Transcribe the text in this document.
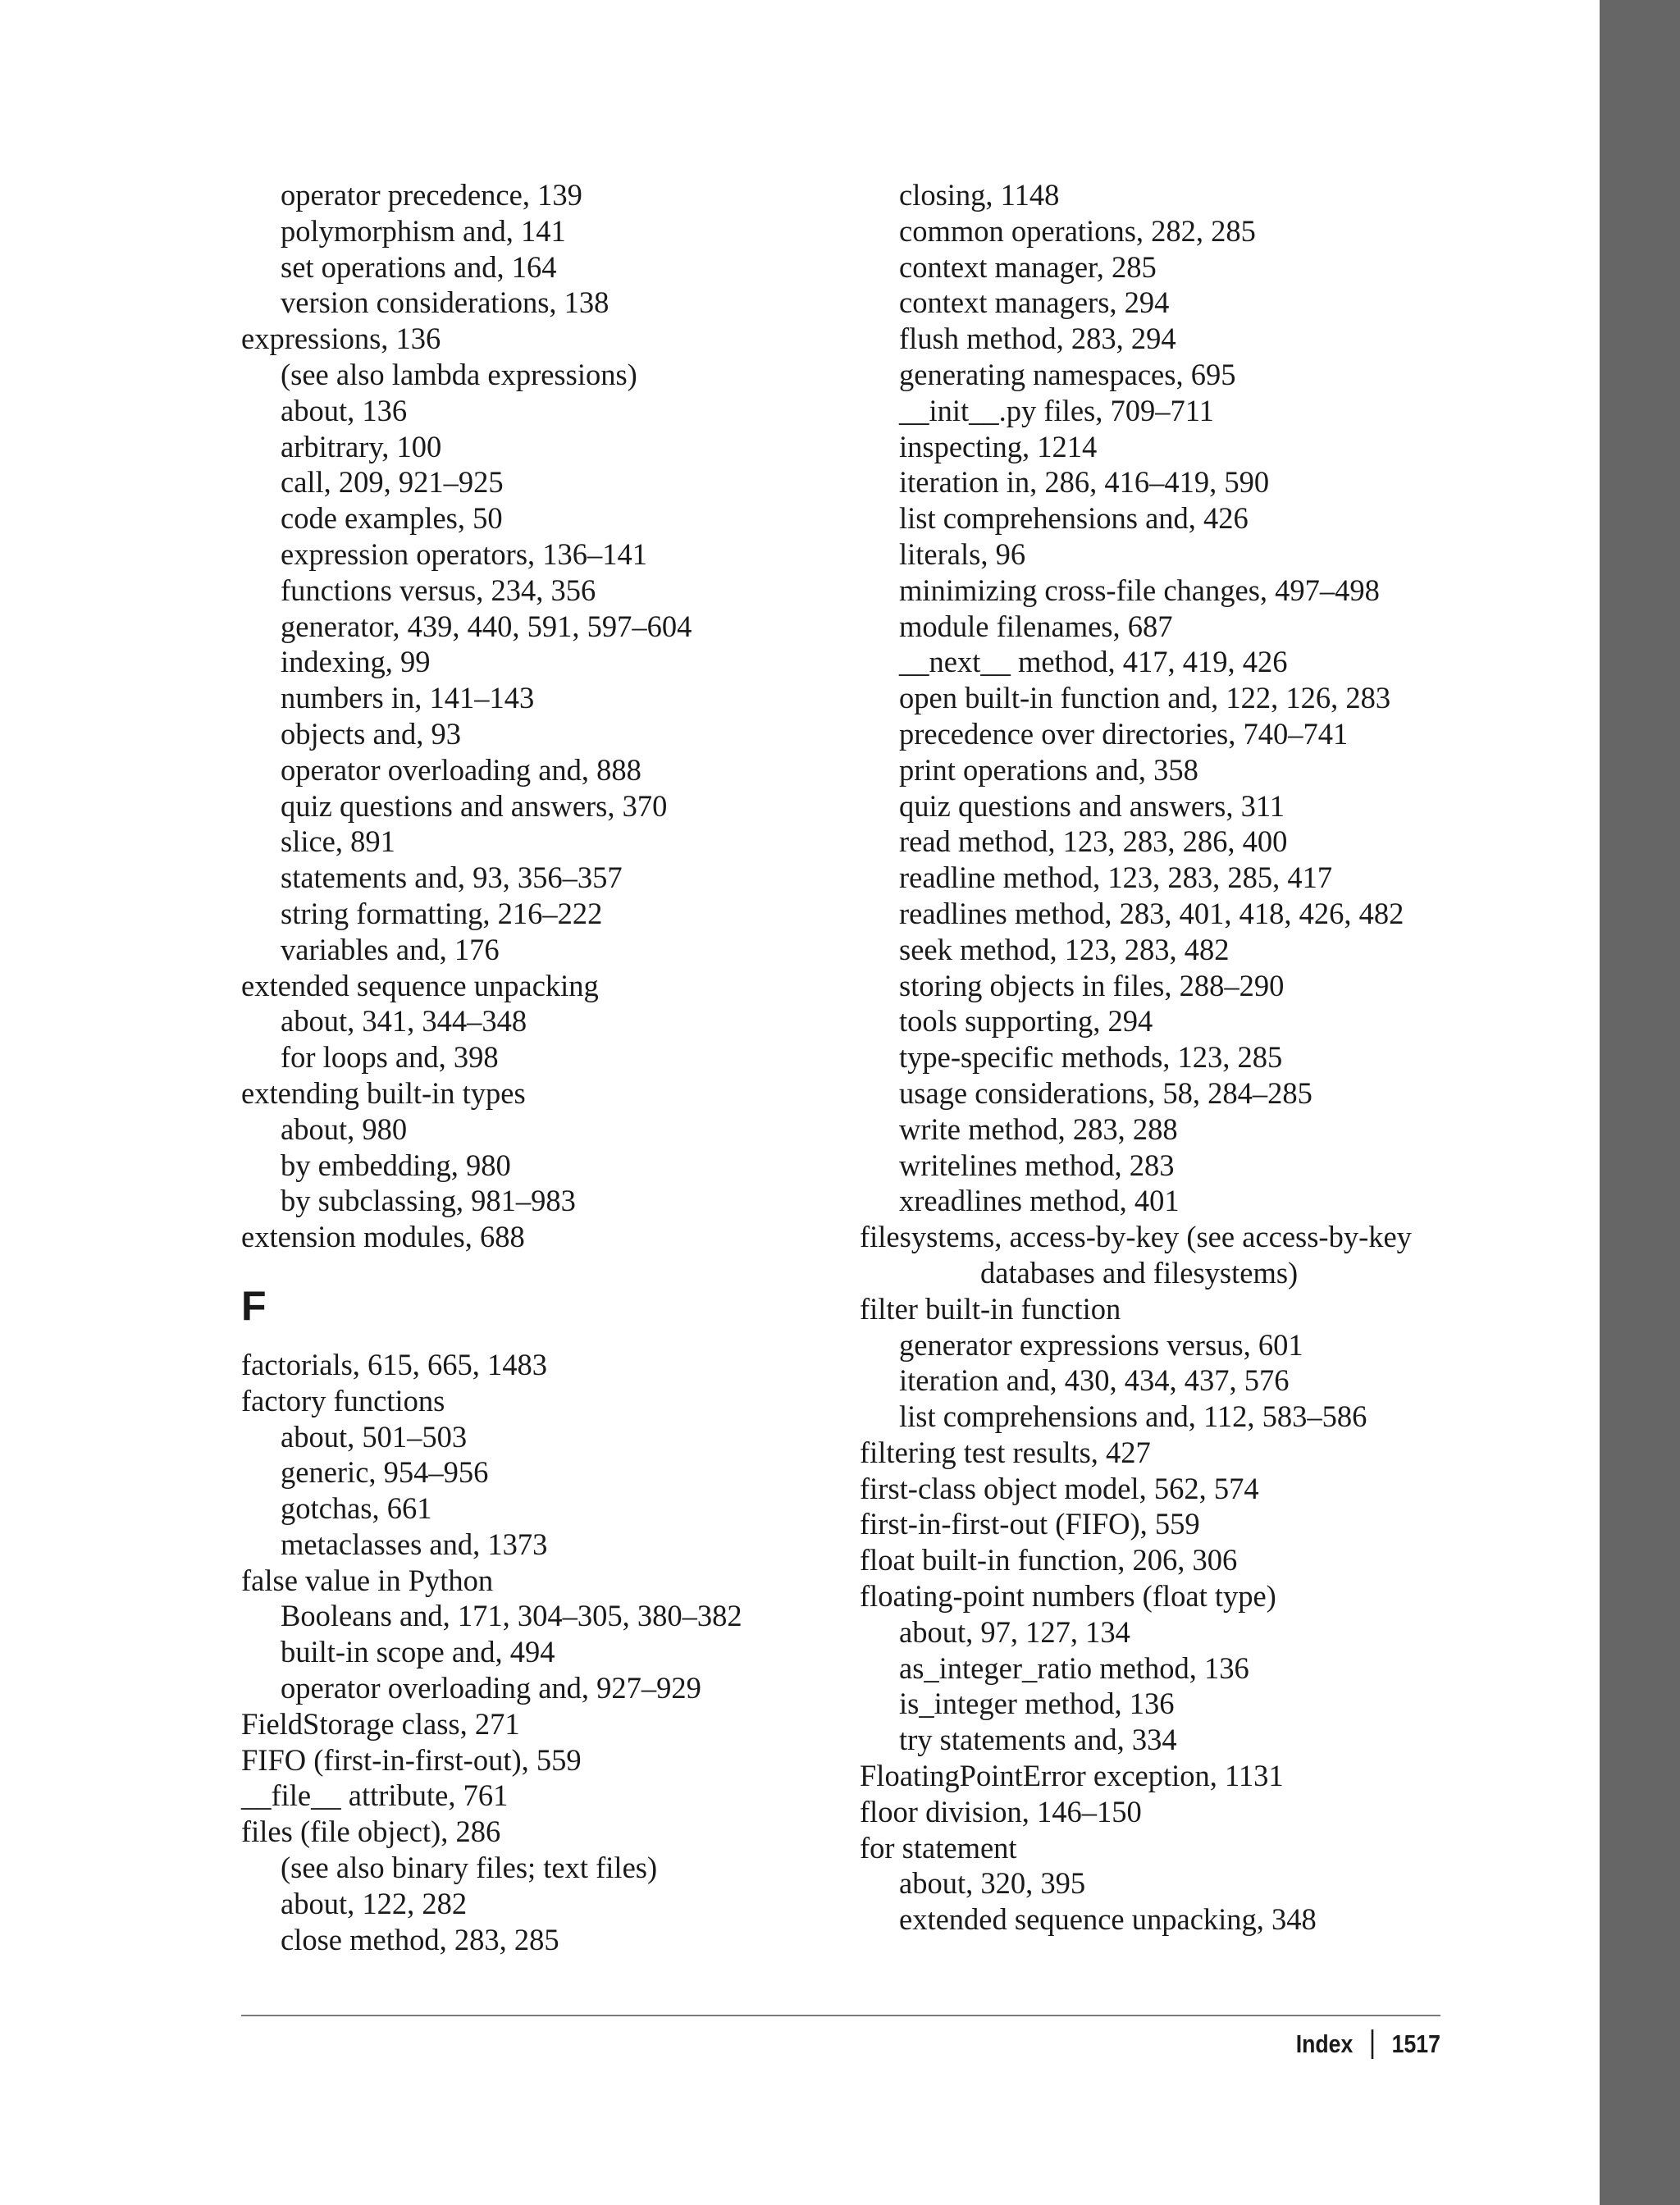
operator precedence, 139
polymorphism and, 141
set operations and, 164
version considerations, 138
expressions, 136
(see also lambda expressions)
about, 136
arbitrary, 100
call, 209, 921–925
code examples, 50
expression operators, 136–141
functions versus, 234, 356
generator, 439, 440, 591, 597–604
indexing, 99
numbers in, 141–143
objects and, 93
operator overloading and, 888
quiz questions and answers, 370
slice, 891
statements and, 93, 356–357
string formatting, 216–222
variables and, 176
extended sequence unpacking
about, 341, 344–348
for loops and, 398
extending built-in types
about, 980
by embedding, 980
by subclassing, 981–983
extension modules, 688
F
factorials, 615, 665, 1483
factory functions
about, 501–503
generic, 954–956
gotchas, 661
metaclasses and, 1373
false value in Python
Booleans and, 171, 304–305, 380–382
built-in scope and, 494
operator overloading and, 927–929
FieldStorage class, 271
FIFO (first-in-first-out), 559
__file__ attribute, 761
files (file object), 286
(see also binary files; text files)
about, 122, 282
close method, 283, 285
closing, 1148
common operations, 282, 285
context manager, 285
context managers, 294
flush method, 283, 294
generating namespaces, 695
__init__.py files, 709–711
inspecting, 1214
iteration in, 286, 416–419, 590
list comprehensions and, 426
literals, 96
minimizing cross-file changes, 497–498
module filenames, 687
__next__ method, 417, 419, 426
open built-in function and, 122, 126, 283
precedence over directories, 740–741
print operations and, 358
quiz questions and answers, 311
read method, 123, 283, 286, 400
readline method, 123, 283, 285, 417
readlines method, 283, 401, 418, 426, 482
seek method, 123, 283, 482
storing objects in files, 288–290
tools supporting, 294
type-specific methods, 123, 285
usage considerations, 58, 284–285
write method, 283, 288
writelines method, 283
xreadlines method, 401
filesystems, access-by-key (see access-by-key
databases and filesystems)
filter built-in function
generator expressions versus, 601
iteration and, 430, 434, 437, 576
list comprehensions and, 112, 583–586
filtering test results, 427
first-class object model, 562, 574
first-in-first-out (FIFO), 559
float built-in function, 206, 306
floating-point numbers (float type)
about, 97, 127, 134
as_integer_ratio method, 136
is_integer method, 136
try statements and, 334
FloatingPointError exception, 1131
floor division, 146–150
for statement
about, 320, 395
extended sequence unpacking, 348
Index 1517
